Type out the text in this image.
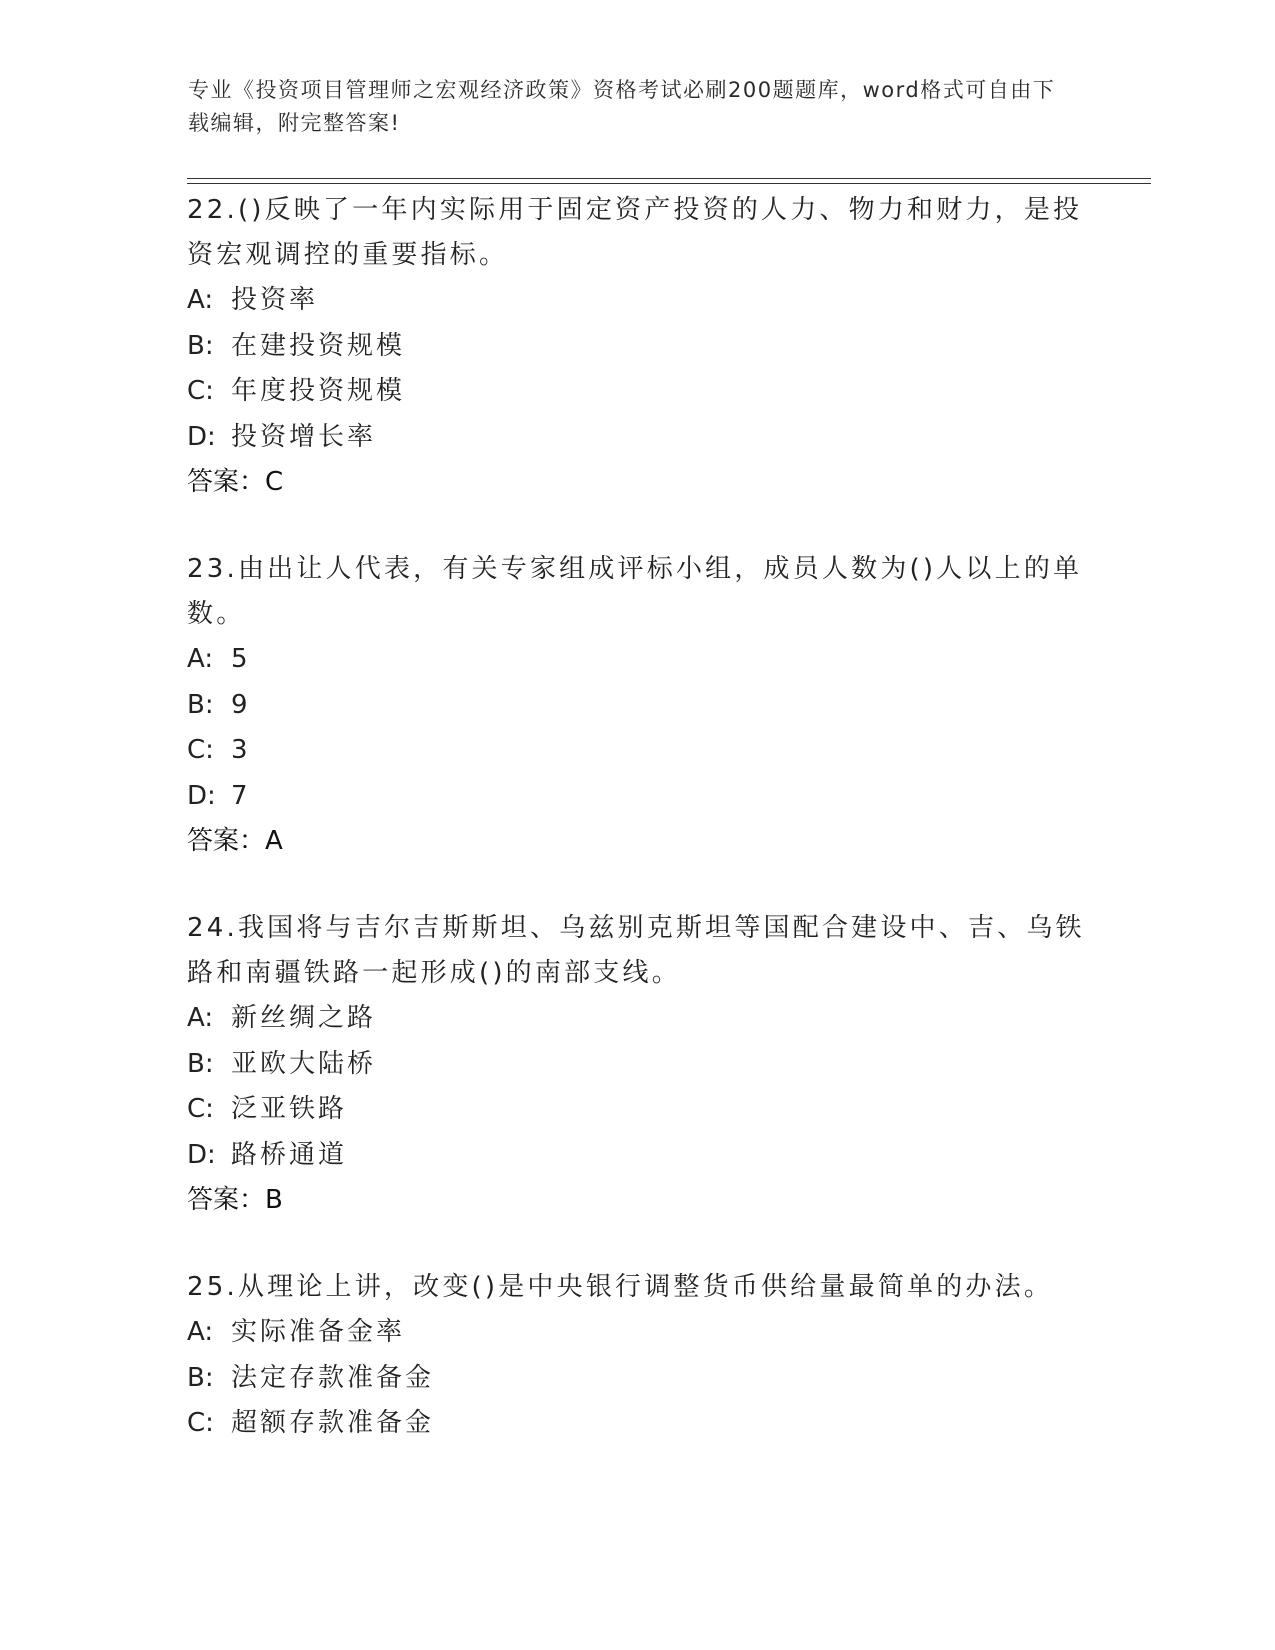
专业《投资项目管理师之宏观经济政策》资格考试必刷200题题库，word格式可自由下载编辑，附完整答案!

22.()反映了一年内实际用于固定资产投资的人力、物力和财力，是投资宏观调控的重要指标。

A: 投资率

B: 在建投资规模

C: 年度投资规模

D: 投资增长率

答案：C

23.由出让人代表，有关专家组成评标小组，成员人数为()人以上的单数。

A: 5

B: 9

C: 3

D: 7

答案：A

24.我国将与吉尔吉斯斯坦、乌兹别克斯坦等国配合建设中、吉、乌铁路和南疆铁路一起形成()的南部支线。

A: 新丝绸之路

B: 亚欧大陆桥

C: 泛亚铁路

D: 路桥通道

答案：B

25.从理论上讲，改变()是中央银行调整货币供给量最简单的办法。

A: 实际准备金率

B: 法定存款准备金

C: 超额存款准备金
